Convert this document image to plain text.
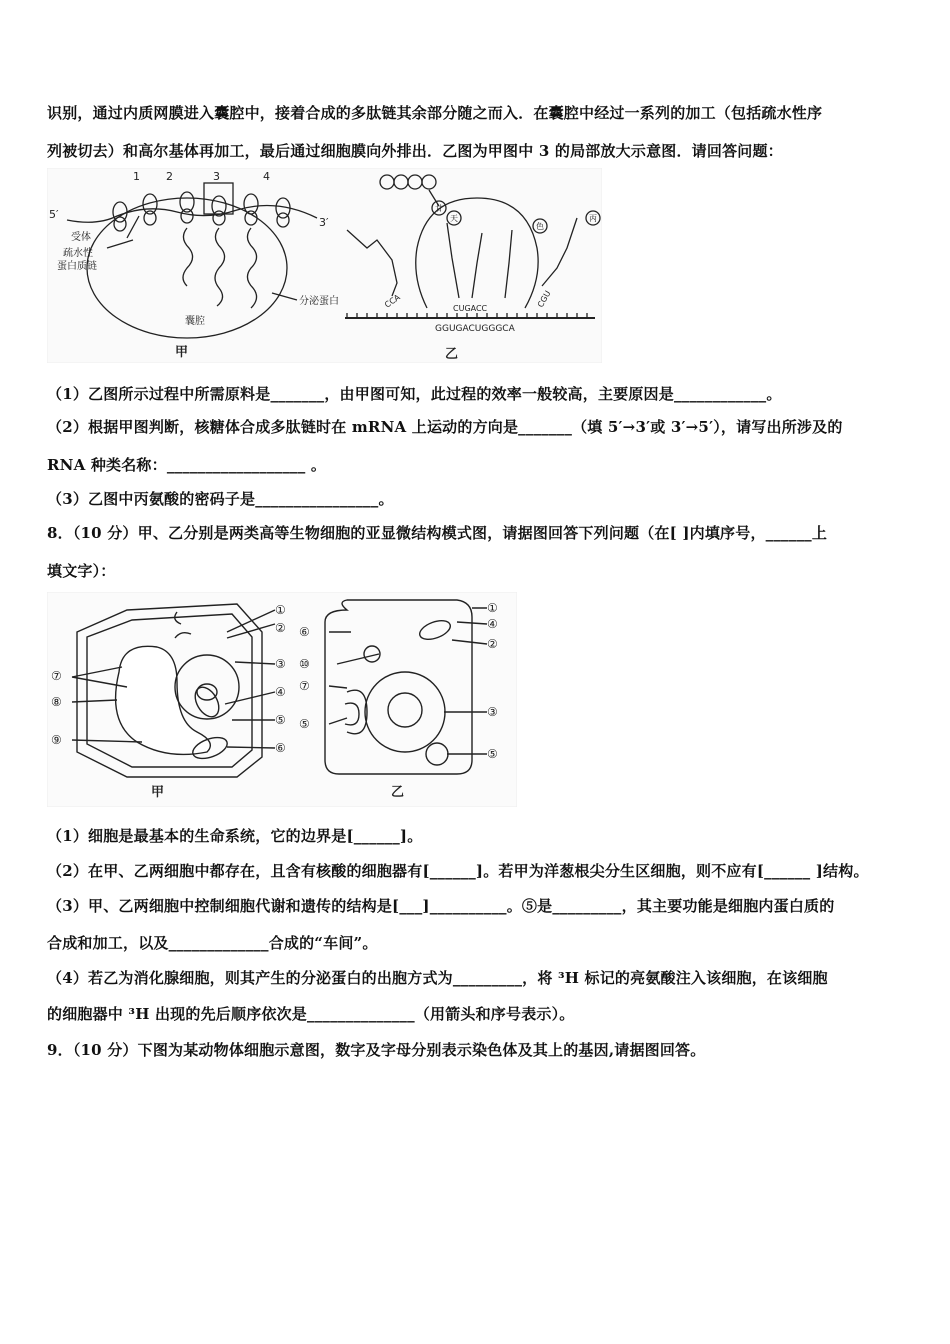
识别，通过内质网膜进入囊腔中，接着合成的多肽链其余部分随之而入．在囊腔中经过一系列的加工（包括疏水性序
列被切去）和高尔基体再加工，最后通过细胞膜向外排出．乙图为甲图中 3 的局部放大示意图．请回答问题：
1 2	3	4
5′
3′
受体
疏水性
蛋白质链
分泌蛋白
囊腔
甲
甘
天
色
丙
CCA	CUGACC	CGU
GGUGACUGGGCA
乙
（1）乙图所示过程中所需原料是_______，由甲图可知，此过程的效率一般较高，主要原因是____________。
（2）根据甲图判断，核糖体合成多肽链时在 mRNA 上运动的方向是_______（填 5′→3′或 3′→5′），请写出所涉及的
RNA 种类名称：__________________ 。
（3）乙图中丙氨酸的密码子是________________。
8．（10 分）甲、乙分别是两类高等生物细胞的亚显微结构模式图，请据图回答下列问题（在[ ]内填序号，______上
填文字）：
①
②
③
④
⑤
⑥
⑦
⑧
⑨
甲
①
④
②
⑥
⑩
⑦
⑤
③
⑤
乙
（1）细胞是最基本的生命系统，它的边界是[______]。
（2）在甲、乙两细胞中都存在，且含有核酸的细胞器有[______]。若甲为洋葱根尖分生区细胞，则不应有[______ ]结构。
（3）甲、乙两细胞中控制细胞代谢和遗传的结构是[___]__________。⑤是_________，其主要功能是细胞内蛋白质的
合成和加工，以及_____________合成的“车间”。
（4）若乙为消化腺细胞，则其产生的分泌蛋白的出胞方式为_________，将 ³H 标记的亮氨酸注入该细胞，在该细胞
的细胞器中 ³H 出现的先后顺序依次是______________（用箭头和序号表示）。
9．（10 分）下图为某动物体细胞示意图，数字及字母分别表示染色体及其上的基因,请据图回答。
